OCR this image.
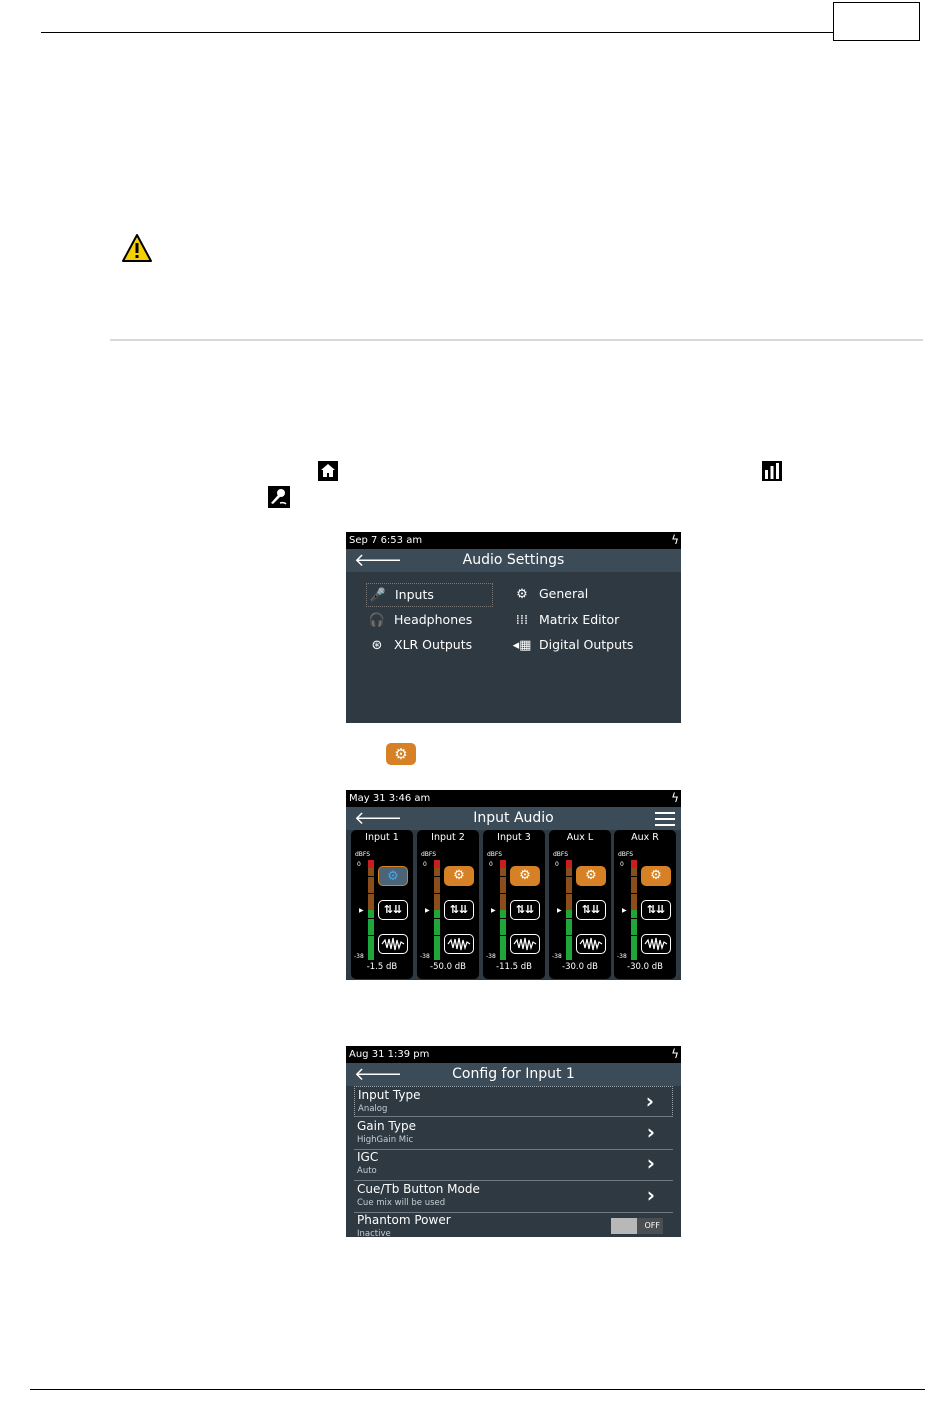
Sep 7 6:53 am	ϟ
🡐	Audio Settings
🎤 Inputs	⚙ General
🎧 Headphones	⁞⁞⁞ Matrix Editor
⊛ XLR Outputs	◂▦ Digital Outputs
⚙
May 31 3:46 am	ϟ
🡐	Input Audio
Input 1
dBFS
0
▶
-38
⚙
⇅⇊
-1.5 dB
Input 2
dBFS
0
▶
-38
⚙
⇅⇊
-50.0 dB
Input 3
dBFS
0
▶
-38
⚙
⇅⇊
-11.5 dB
Aux L
dBFS
0
▶
-38
⚙
⇅⇊
-30.0 dB
Aux R
dBFS
0
▶
-38
⚙
⇅⇊
-30.0 dB
Aug 31 1:39 pm	ϟ
🡐	Config for Input 1
Input Type
Analog	›
Gain Type
HighGain Mic	›
IGC
Auto	›
Cue/Tb Button Mode
Cue mix will be used	›
Phantom Power
Inactive
OFF
